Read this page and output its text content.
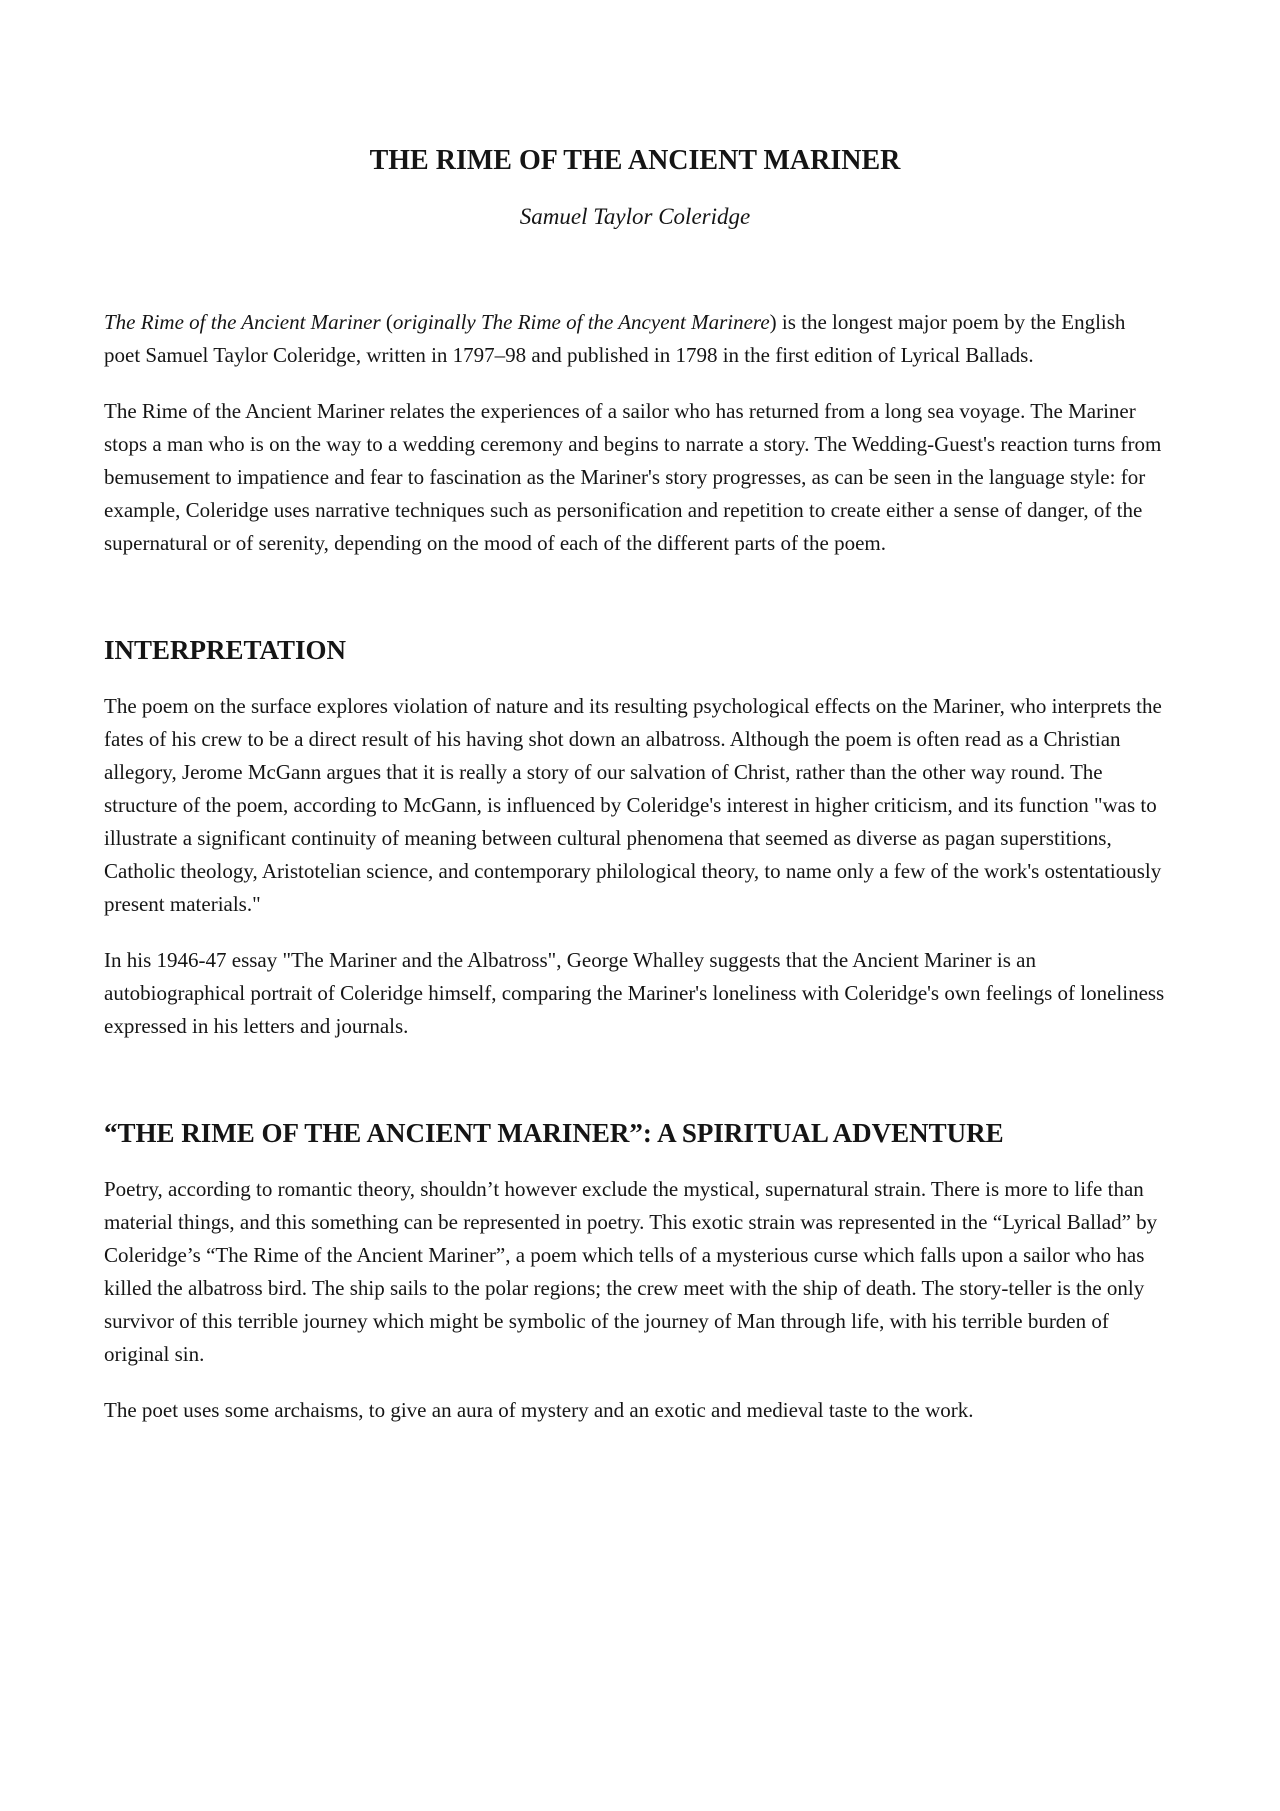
THE RIME OF THE ANCIENT MARINER
Samuel Taylor Coleridge

The Rime of the Ancient Mariner (originally The Rime of the Ancyent Marinere) is the longest major poem by the English poet Samuel Taylor Coleridge, written in 1797–98 and published in 1798 in the first edition of Lyrical Ballads.

The Rime of the Ancient Mariner relates the experiences of a sailor who has returned from a long sea voyage. The Mariner stops a man who is on the way to a wedding ceremony and begins to narrate a story. The Wedding-Guest's reaction turns from bemusement to impatience and fear to fascination as the Mariner's story progresses, as can be seen in the language style: for example, Coleridge uses narrative techniques such as personification and repetition to create either a sense of danger, of the supernatural or of serenity, depending on the mood of each of the different parts of the poem.

INTERPRETATION

The poem on the surface explores violation of nature and its resulting psychological effects on the Mariner, who interprets the fates of his crew to be a direct result of his having shot down an albatross. Although the poem is often read as a Christian allegory, Jerome McGann argues that it is really a story of our salvation of Christ, rather than the other way round. The structure of the poem, according to McGann, is influenced by Coleridge's interest in higher criticism, and its function "was to illustrate a significant continuity of meaning between cultural phenomena that seemed as diverse as pagan superstitions, Catholic theology, Aristotelian science, and contemporary philological theory, to name only a few of the work's ostentatiously present materials."

In his 1946-47 essay "The Mariner and the Albatross", George Whalley suggests that the Ancient Mariner is an autobiographical portrait of Coleridge himself, comparing the Mariner's loneliness with Coleridge's own feelings of loneliness expressed in his letters and journals.

“THE RIME OF THE ANCIENT MARINER”: A SPIRITUAL ADVENTURE

Poetry, according to romantic theory, shouldn’t however exclude the mystical, supernatural strain. There is more to life than material things, and this something can be represented in poetry. This exotic strain was represented in the “Lyrical Ballad” by Coleridge’s “The Rime of the Ancient Mariner”, a poem which tells of a mysterious curse which falls upon a sailor who has killed the albatross bird. The ship sails to the polar regions; the crew meet with the ship of death. The story-teller is the only survivor of this terrible journey which might be symbolic of the journey of Man through life, with his terrible burden of original sin.

The poet uses some archaisms, to give an aura of mystery and an exotic and medieval taste to the work.
